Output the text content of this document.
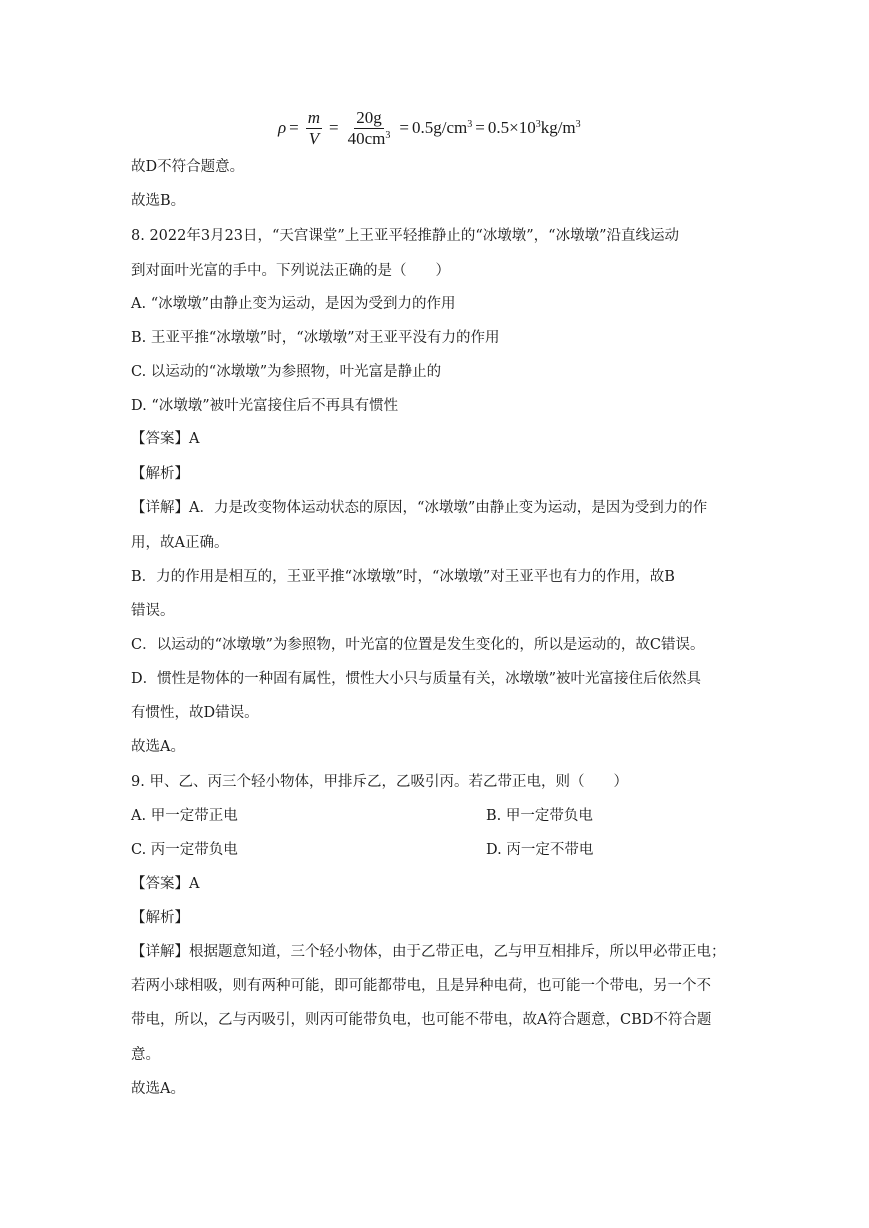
$\rho = \frac{m}{V} = \frac{20g}{40cm^3} = 0.5g/cm^3 = 0.5\times 10^3kg/m^3$
故D不符合题意。
故选B。
8. 2022年3月23日，“天宫课堂”上王亚平轻推静止的“冰墩墩”，“冰墩墩”沿直线运动
到对面叶光富的手中。下列说法正确的是（　　）
A. “冰墩墩”由静止变为运动，是因为受到力的作用
B. 王亚平推“冰墩墩”时，“冰墩墩”对王亚平没有力的作用
C. 以运动的“冰墩墩”为参照物，叶光富是静止的
D. “冰墩墩”被叶光富接住后不再具有惯性
【答案】A
【解析】
【详解】A．力是改变物体运动状态的原因，“冰墩墩”由静止变为运动，是因为受到力的作
用，故A正确。
B．力的作用是相互的，王亚平推“冰墩墩”时，“冰墩墩”对王亚平也有力的作用，故B
错误。
C．以运动的“冰墩墩”为参照物，叶光富的位置是发生变化的，所以是运动的，故C错误。
D．惯性是物体的一种固有属性，惯性大小只与质量有关，冰墩墩”被叶光富接住后依然具
有惯性，故D错误。
故选A。
9. 甲、乙、丙三个轻小物体，甲排斥乙，乙吸引丙。若乙带正电，则（　　）
A. 甲一定带正电	B. 甲一定带负电
C. 丙一定带负电	D. 丙一定不带电
【答案】A
【解析】
【详解】根据题意知道，三个轻小物体，由于乙带正电，乙与甲互相排斥，所以甲必带正电；
若两小球相吸，则有两种可能，即可能都带电，且是异种电荷，也可能一个带电，另一个不
带电，所以，乙与丙吸引，则丙可能带负电，也可能不带电，故A符合题意，CBD不符合题
意。
故选A。
